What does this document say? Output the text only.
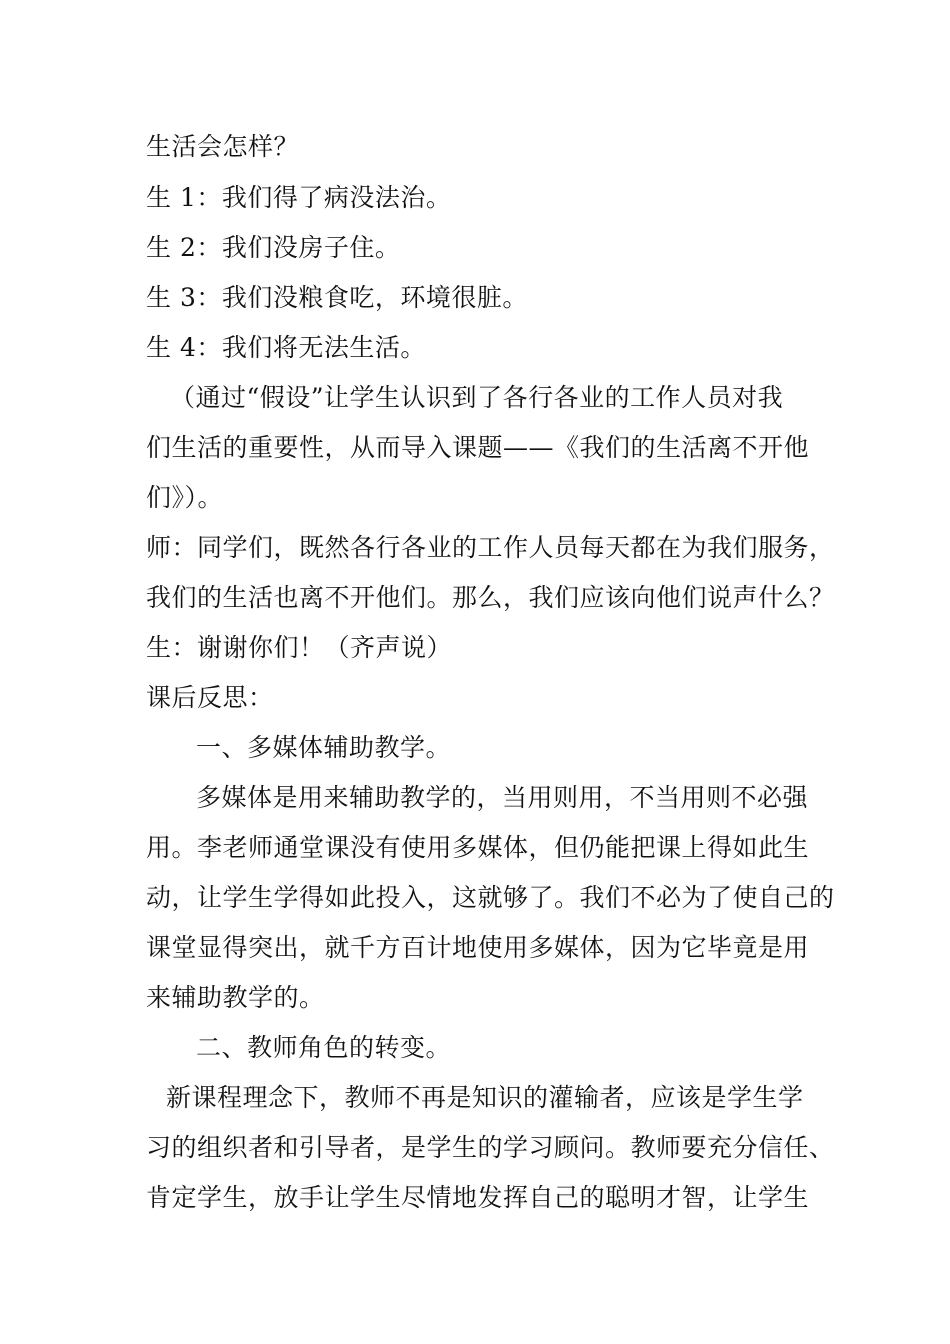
生活会怎样？
生 1：我们得了病没法治。
生 2：我们没房子住。
生 3：我们没粮食吃，环境很脏。
生 4：我们将无法生活。
（通过“假设”让学生认识到了各行各业的工作人员对我
们生活的重要性，从而导入课题——《我们的生活离不开他
们》）。
师：同学们，既然各行各业的工作人员每天都在为我们服务，
我们的生活也离不开他们。那么，我们应该向他们说声什么？
生：谢谢你们！（齐声说）
课后反思：
一、多媒体辅助教学。
多媒体是用来辅助教学的，当用则用，不当用则不必强
用。李老师通堂课没有使用多媒体，但仍能把课上得如此生
动，让学生学得如此投入，这就够了。我们不必为了使自己的
课堂显得突出，就千方百计地使用多媒体，因为它毕竟是用
来辅助教学的。
二、教师角色的转变。
新课程理念下，教师不再是知识的灌输者，应该是学生学
习的组织者和引导者，是学生的学习顾问。教师要充分信任、
肯定学生，放手让学生尽情地发挥自己的聪明才智，让学生
